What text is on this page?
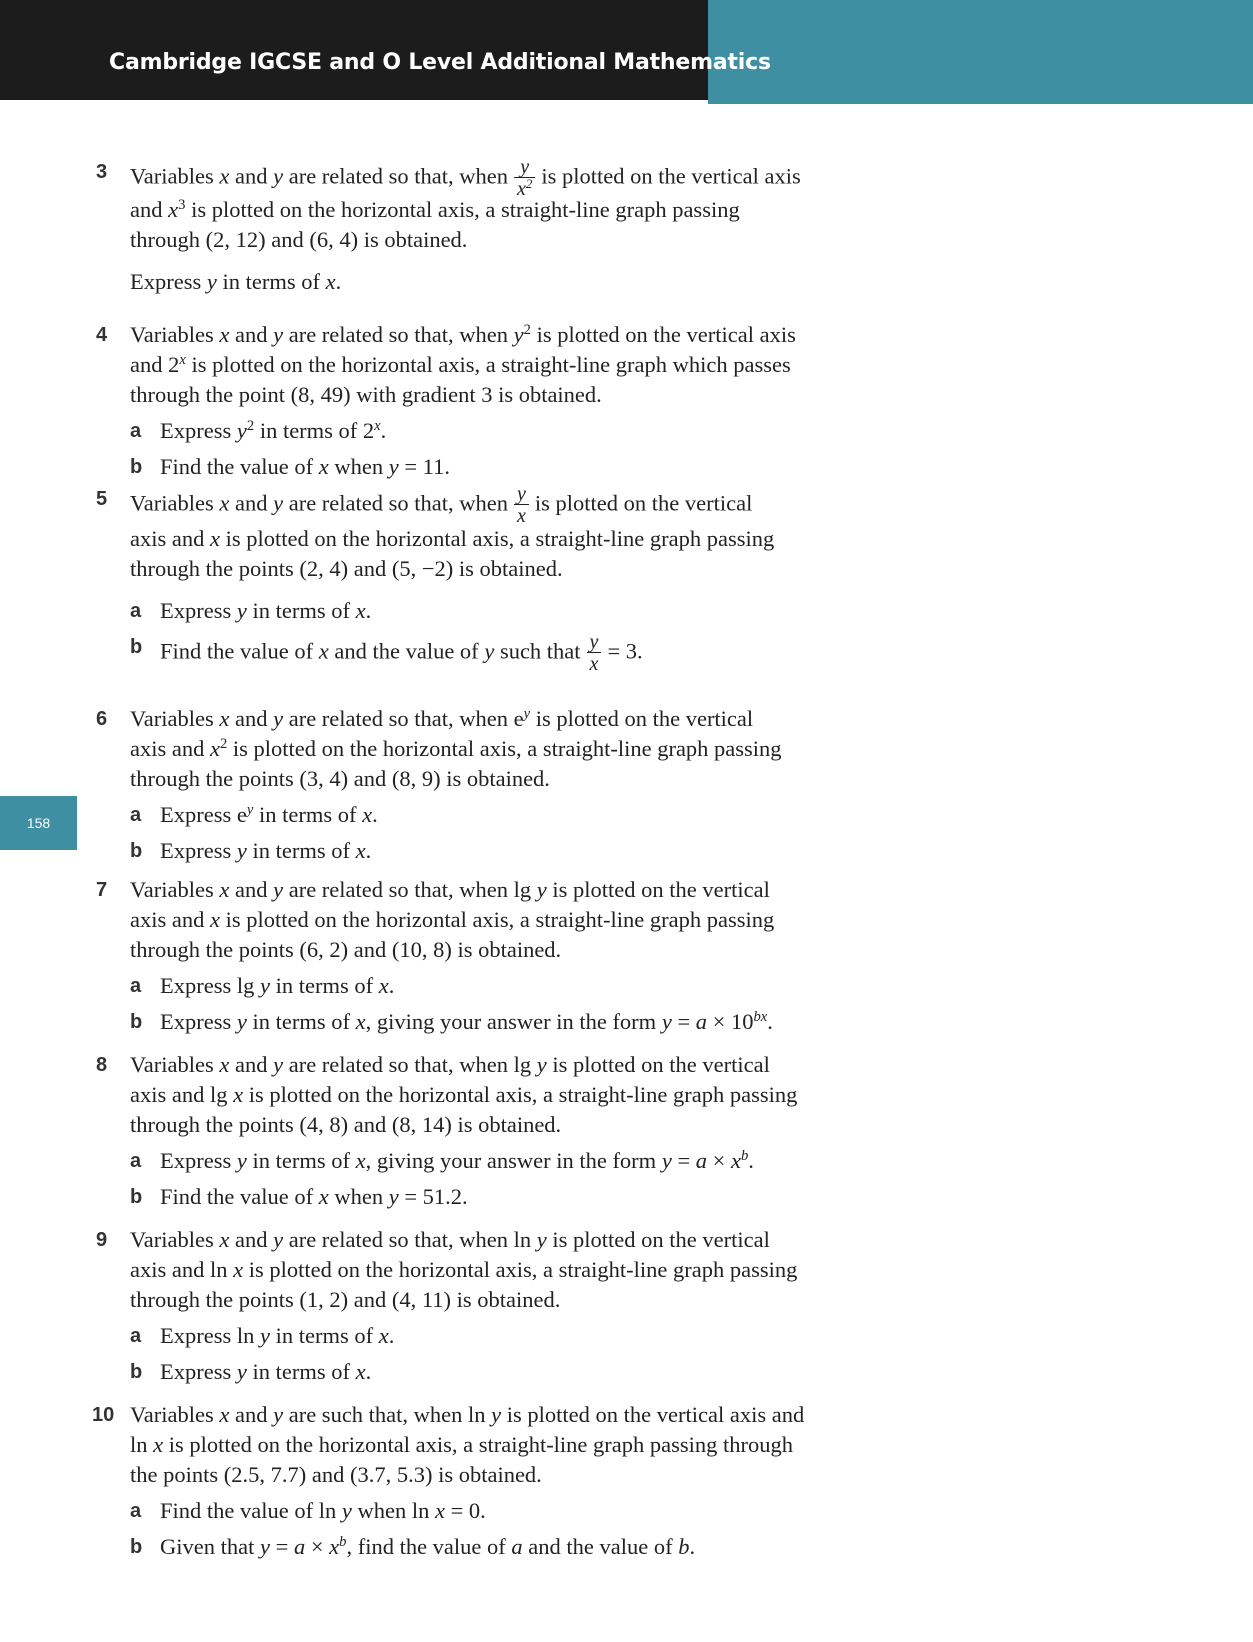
Cambridge IGCSE and O Level Additional Mathematics
158
3 Variables x and y are related so that, when $\frac{y}{x^2}$ is plotted on the vertical axis
and $x^3$ is plotted on the horizontal axis, a straight-line graph passing
through (2, 12) and (6, 4) is obtained.
Express y in terms of x.
4 Variables x and y are related so that, when $y^2$ is plotted on the vertical axis
and 2$^x$ is plotted on the horizontal axis, a straight-line graph which passes
through the point (8, 49) with gradient 3 is obtained.
a Express $y^2$ in terms of 2$^x$.
b Find the value of x when y = 11.
5 Variables x and y are related so that, when $\frac{y}{x}$ is plotted on the vertical
axis and x is plotted on the horizontal axis, a straight-line graph passing
through the points (2, 4) and (5, −2) is obtained.
a Express y in terms of x.
b Find the value of x and the value of y such that $\frac{y}{x} = 3$.
6 Variables x and y are related so that, when $e^y$ is plotted on the vertical
axis and $x^2$ is plotted on the horizontal axis, a straight-line graph passing
through the points (3, 4) and (8, 9) is obtained.
a Express $e^y$ in terms of x.
b Express y in terms of x.
7 Variables x and y are related so that, when lg y is plotted on the vertical
axis and x is plotted on the horizontal axis, a straight-line graph passing
through the points (6, 2) and (10, 8) is obtained.
a Express lg y in terms of x.
b Express y in terms of x, giving your answer in the form $y = a \times 10^{bx}$.
8 Variables x and y are related so that, when lg y is plotted on the vertical
axis and lg x is plotted on the horizontal axis, a straight-line graph passing
through the points (4, 8) and (8, 14) is obtained.
a Express y in terms of x, giving your answer in the form $y = a \times x^b$.
b Find the value of x when y = 51.2.
9 Variables x and y are related so that, when ln y is plotted on the vertical
axis and ln x is plotted on the horizontal axis, a straight-line graph passing
through the points (1, 2) and (4, 11) is obtained.
a Express ln y in terms of x.
b Express y in terms of x.
10 Variables x and y are such that, when ln y is plotted on the vertical axis and
ln x is plotted on the horizontal axis, a straight-line graph passing through
the points (2.5, 7.7) and (3.7, 5.3) is obtained.
a Find the value of ln y when ln x = 0.
b Given that $y = a \times x^b$, find the value of a and the value of b.
